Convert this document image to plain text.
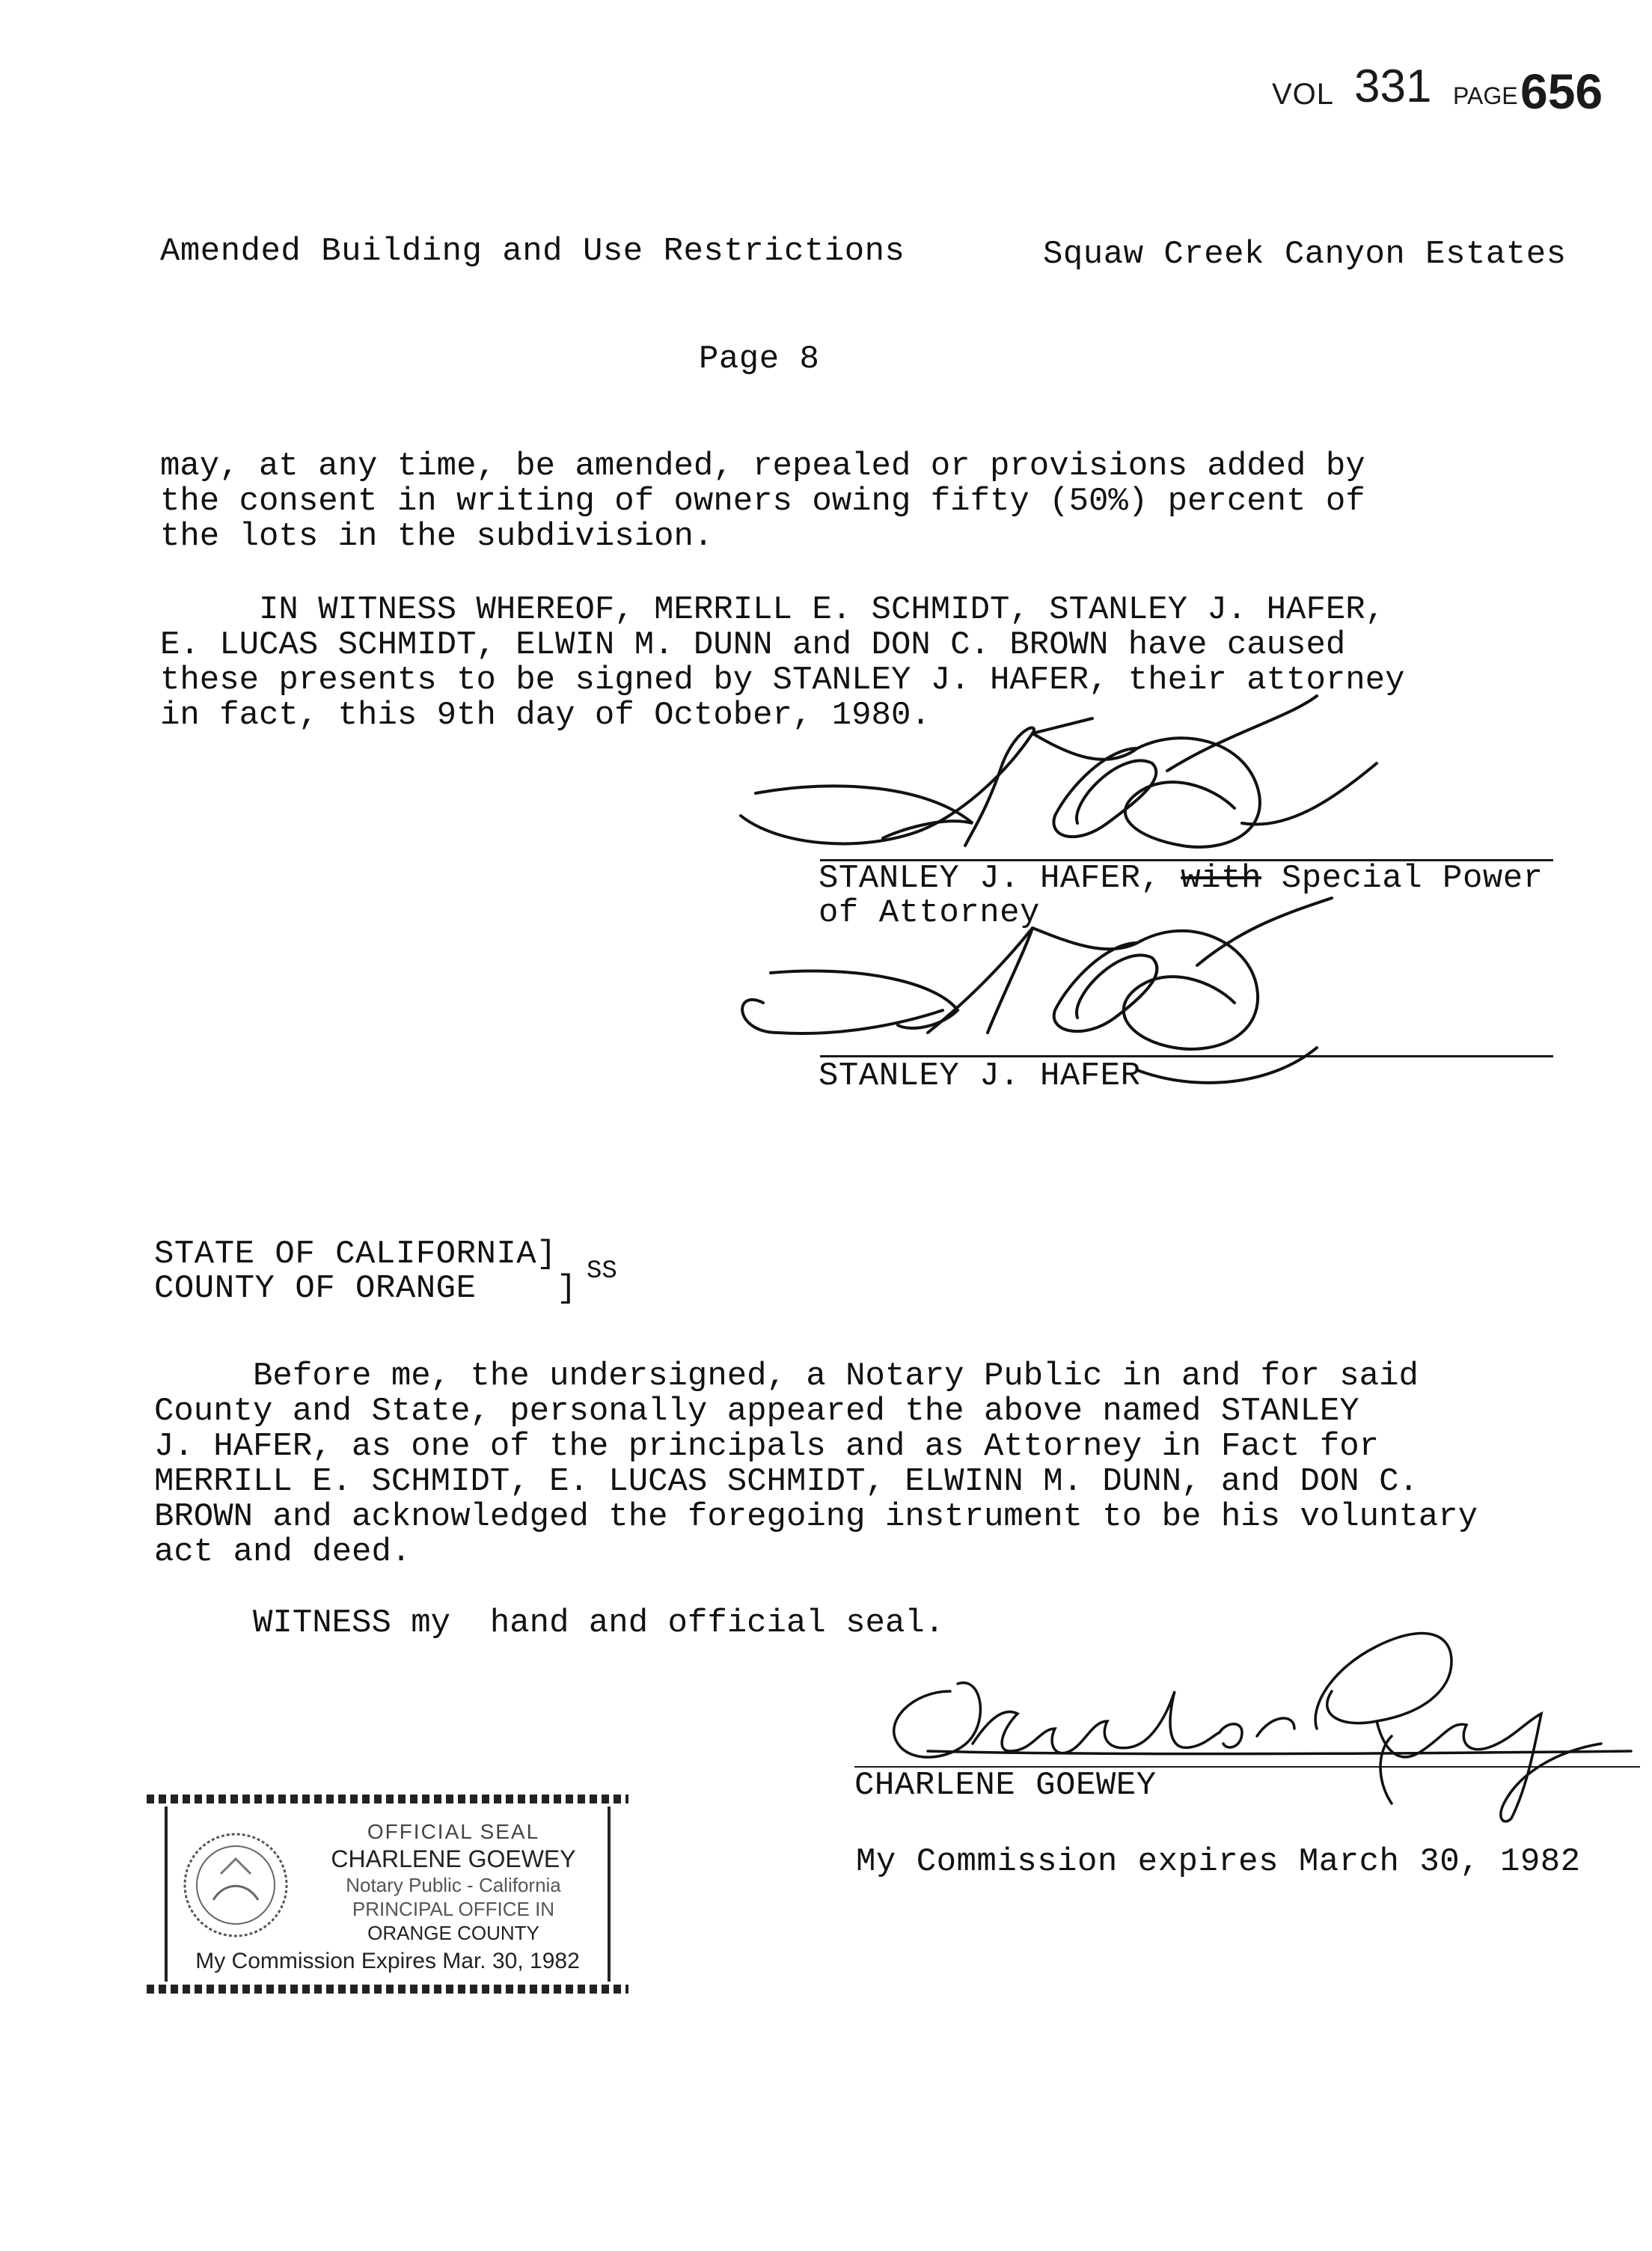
VOL 331 PAGE 656
Amended Building and Use Restrictions	Squaw Creek Canyon Estates
Page 8

may, at any time, be amended, repealed or provisions added by

the consent in writing of owners owing fifty (50%) percent of

the lots in the subdivision.

IN WITNESS WHEREOF, MERRILL E. SCHMIDT, STANLEY J. HAFER,

E. LUCAS SCHMIDT, ELWIN M. DUNN and DON C. BROWN have caused

these presents to be signed by STANLEY J. HAFER, their attorney

in fact, this 9th day of October, 1980.

STANLEY J. HAFER, with Special Power
of Attorney
STANLEY J. HAFER
STATE OF CALIFORNIA]
COUNTY OF ORANGE    ] SS

Before me, the undersigned, a Notary Public in and for said

County and State, personally appeared the above named STANLEY

J. HAFER, as one of the principals and as Attorney in Fact for

MERRILL E. SCHMIDT, E. LUCAS SCHMIDT, ELWINN M. DUNN, and DON C.

BROWN and acknowledged the foregoing instrument to be his voluntary

act and deed.

WITNESS my  hand and official seal.

CHARLENE GOEWEY
My Commission expires March 30, 1982
OFFICIAL SEAL
CHARLENE GOEWEY
Notary Public - California
PRINCIPAL OFFICE IN
ORANGE COUNTY
My Commission Expires Mar. 30, 1982
